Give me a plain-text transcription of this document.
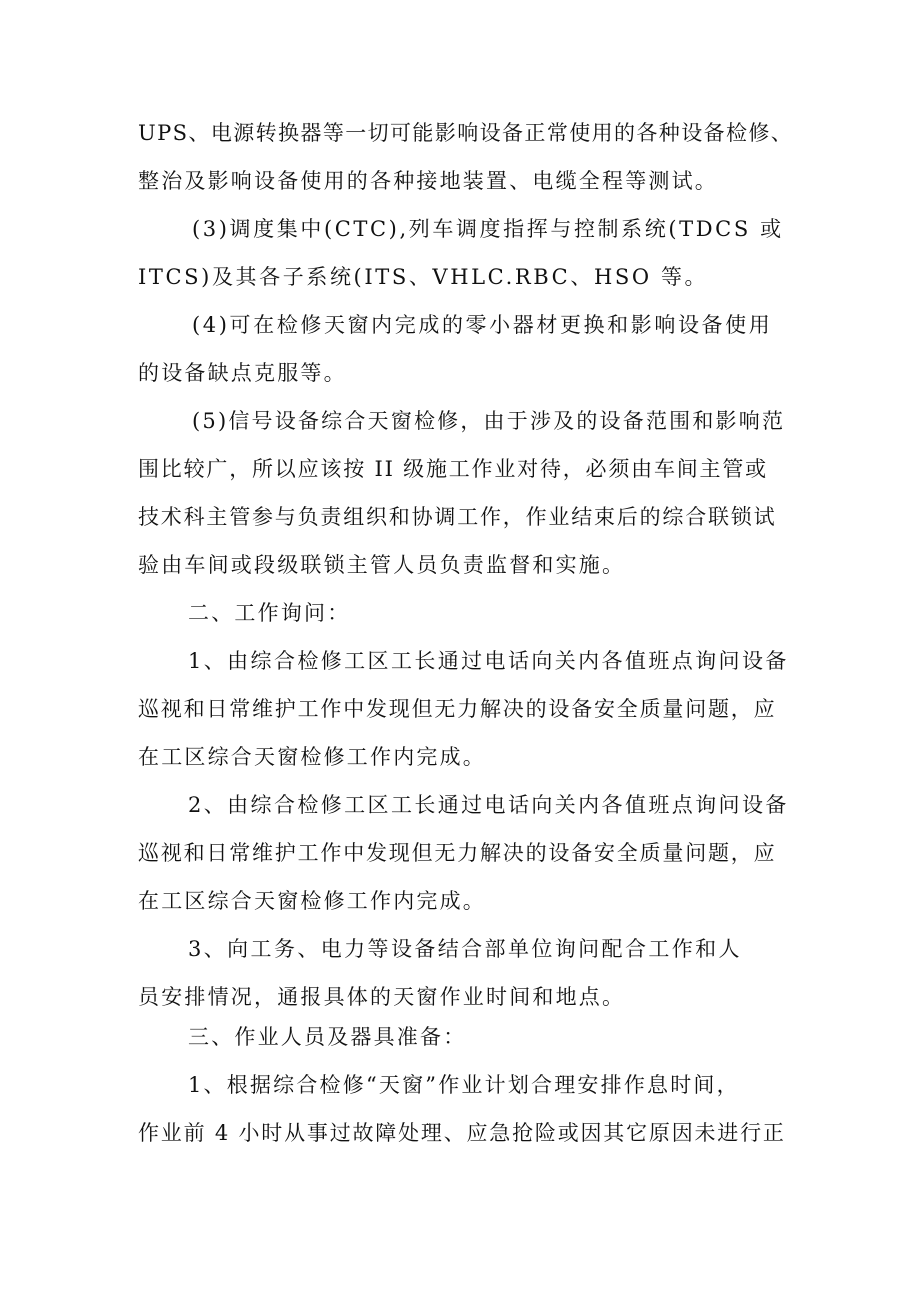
UPS、电源转换器等一切可能影响设备正常使用的各种设备检修、
整治及影响设备使用的各种接地装置、电缆全程等测试。
(3)调度集中(CTC),列车调度指挥与控制系统(TDCS 或
ITCS)及其各子系统(ITS、VHLC.RBC、HSO 等。
(4)可在检修天窗内完成的零小器材更换和影响设备使用
的设备缺点克服等。
(5)信号设备综合天窗检修，由于涉及的设备范围和影响范
围比较广，所以应该按 II 级施工作业对待，必须由车间主管或
技术科主管参与负责组织和协调工作，作业结束后的综合联锁试
验由车间或段级联锁主管人员负责监督和实施。
二、工作询问：
1、由综合检修工区工长通过电话向关内各值班点询问设备
巡视和日常维护工作中发现但无力解决的设备安全质量问题，应
在工区综合天窗检修工作内完成。
2、由综合检修工区工长通过电话向关内各值班点询问设备
巡视和日常维护工作中发现但无力解决的设备安全质量问题，应
在工区综合天窗检修工作内完成。
3、向工务、电力等设备结合部单位询问配合工作和人
员安排情况，通报具体的天窗作业时间和地点。
三、作业人员及器具准备：
1、根据综合检修“天窗”作业计划合理安排作息时间，
作业前 4 小时从事过故障处理、应急抢险或因其它原因未进行正
